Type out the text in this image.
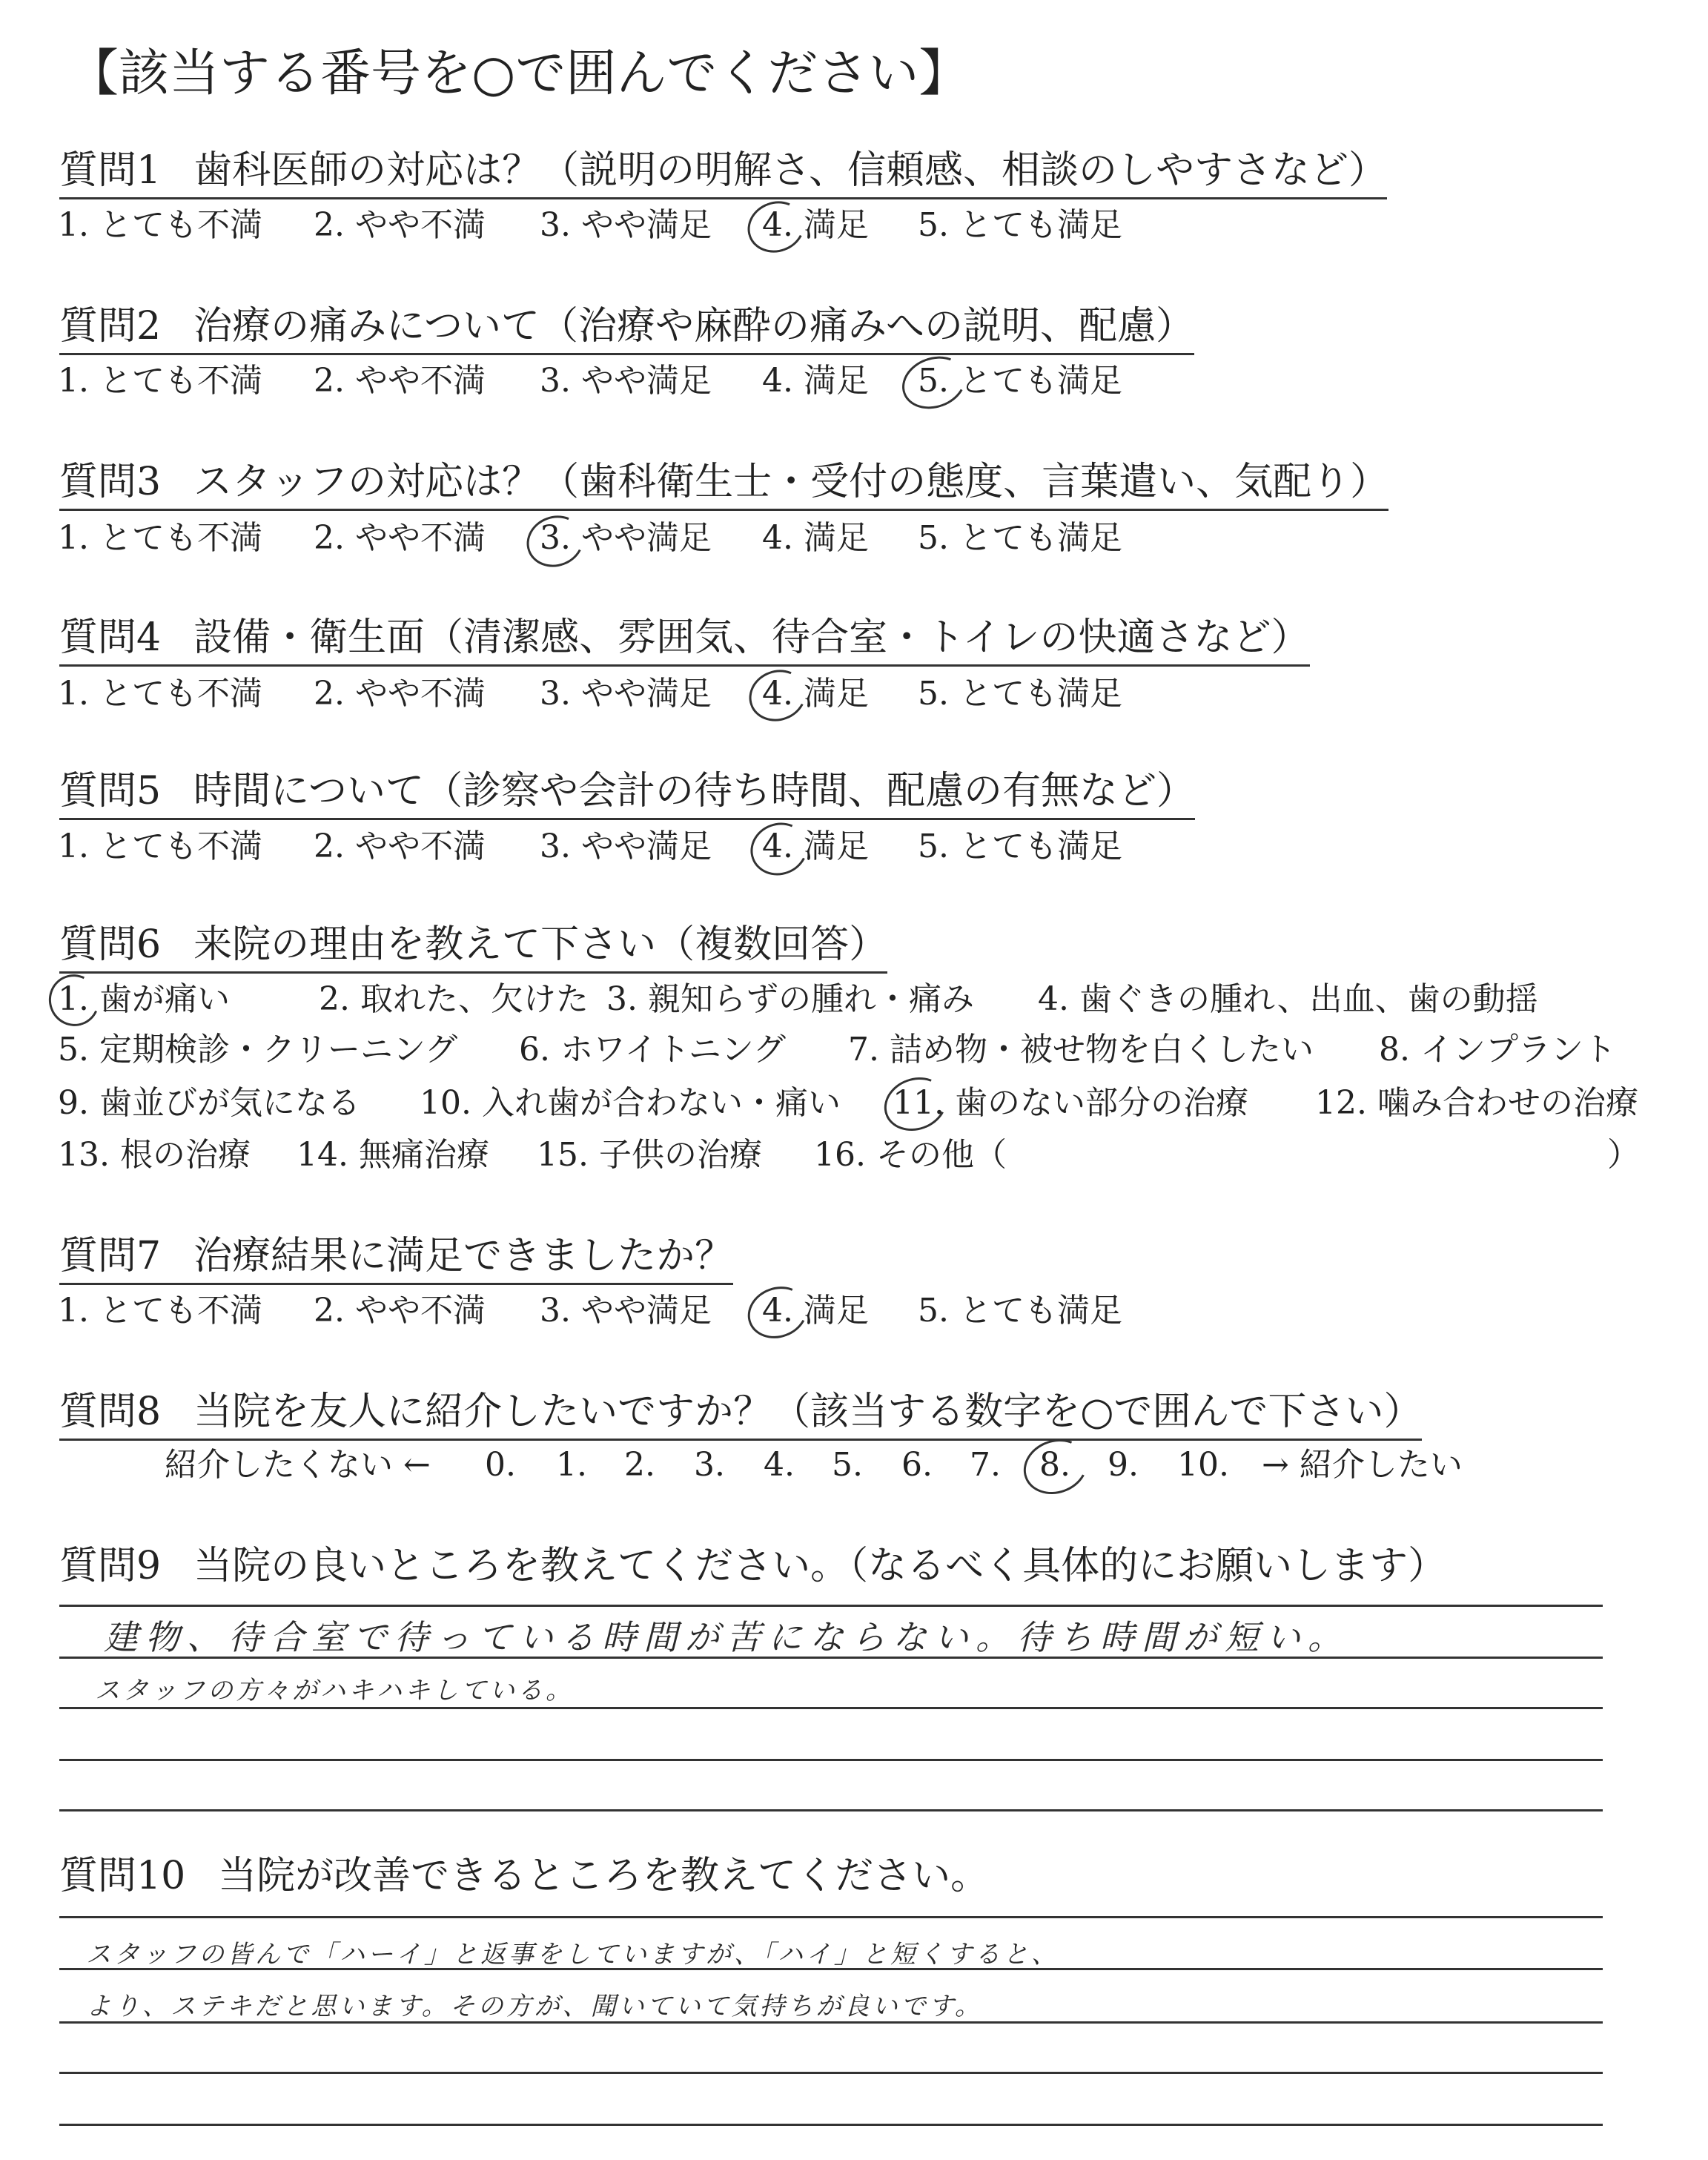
【該当する番号を○で囲んでください】
質問1 歯科医師の対応は？（説明の明解さ、信頼感、相談のしやすさなど）
1. とても不満 2. やや不満 3. やや満足 4. 満足 5. とても満足
質問2 治療の痛みについて（治療や麻酔の痛みへの説明、配慮）
1. とても不満 2. やや不満 3. やや満足 4. 満足 5. とても満足
質問3 スタッフの対応は？（歯科衛生士・受付の態度、言葉遣い、気配り）
1. とても不満 2. やや不満 3. やや満足 4. 満足 5. とても満足
質問4 設備・衛生面（清潔感、雰囲気、待合室・トイレの快適さなど）
1. とても不満 2. やや不満 3. やや満足 4. 満足 5. とても満足
質問5 時間について（診察や会計の待ち時間、配慮の有無など）
1. とても不満 2. やや不満 3. やや満足 4. 満足 5. とても満足
質問6 来院の理由を教えて下さい（複数回答）
1. 歯が痛い	2. 取れた、欠けた 3. 親知らずの腫れ・痛み 4. 歯ぐきの腫れ、出血、歯の動揺
5. 定期検診・クリーニング 6. ホワイトニング 7. 詰め物・被せ物を白くしたい 8. インプラント
9. 歯並びが気になる 10. 入れ歯が合わない・痛い 11. 歯のない部分の治療 12. 噛み合わせの治療
13. 根の治療 14. 無痛治療 15. 子供の治療 16. その他（	）
質問7 治療結果に満足できましたか？
1. とても不満 2. やや不満 3. やや満足 4. 満足 5. とても満足
質問8 当院を友人に紹介したいですか？（該当する数字を○で囲んで下さい）
紹介したくない ← 0. 1. 2. 3. 4. 5. 6. 7. 8. 9. 10. → 紹介したい
質問9 当院の良いところを教えてください。（なるべく具体的にお願いします）
建物、待合室で待っている時間が苦にならない。待ち時間が短い。
スタッフの方々がハキハキしている。
質問10 当院が改善できるところを教えてください。
スタッフの皆んで「ハーイ」と返事をしていますが、「ハイ」と短くすると、
より、ステキだと思います。その方が、聞いていて気持ちが良いです。
